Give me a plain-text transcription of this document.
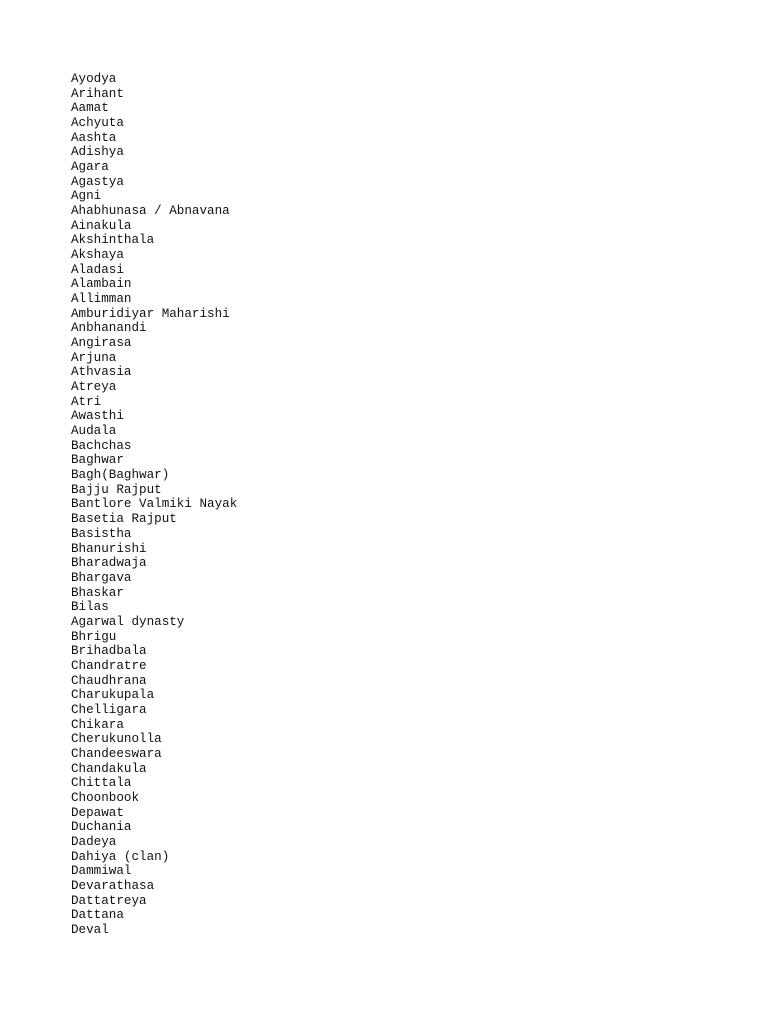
Ayodya
Arihant
Aamat
Achyuta
Aashta
Adishya
Agara
Agastya
Agni
Ahabhunasa / Abnavana
Ainakula
Akshinthala
Akshaya
Aladasi
Alambain
Allimman
Amburidiyar Maharishi
Anbhanandi
Angirasa
Arjuna
Athvasia
Atreya
Atri
Awasthi
Audala
Bachchas
Baghwar
Bagh(Baghwar)
Bajju Rajput
Bantlore Valmiki Nayak
Basetia Rajput
Basistha
Bhanurishi
Bharadwaja
Bhargava
Bhaskar
Bilas
Agarwal dynasty
Bhrigu
Brihadbala
Chandratre
Chaudhrana
Charukupala
Chelligara
Chikara
Cherukunolla
Chandeeswara
Chandakula
Chittala
Choonbook
Depawat
Duchania
Dadeya
Dahiya (clan)
Dammiwal
Devarathasa
Dattatreya
Dattana
Deval
